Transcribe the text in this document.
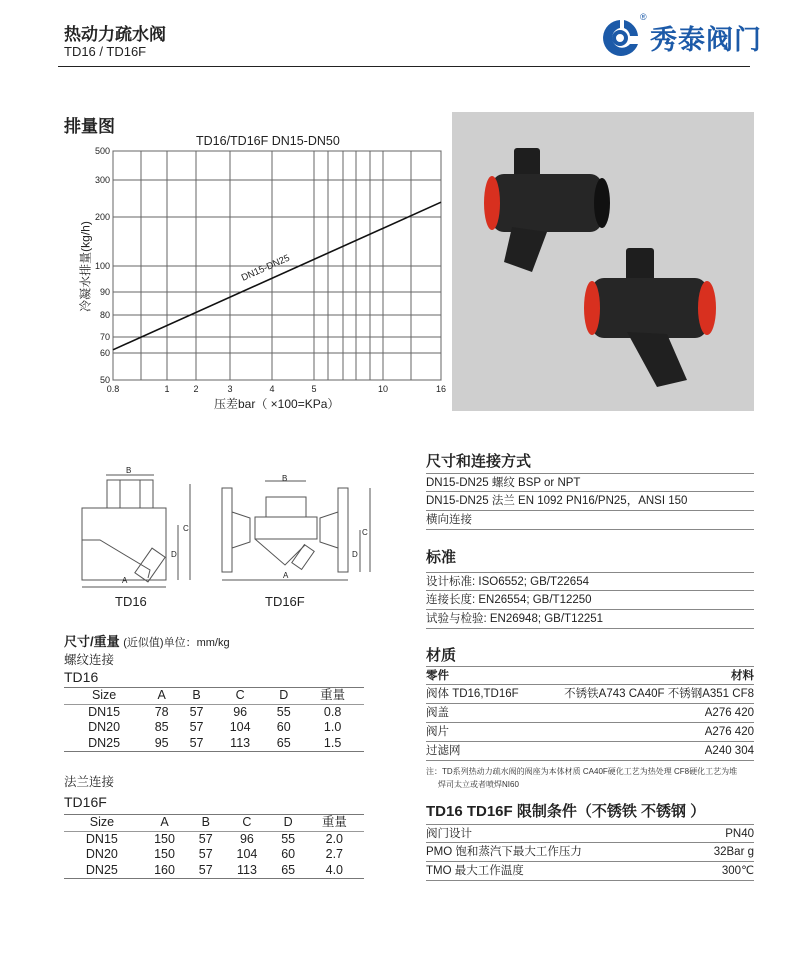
热动力疏水阀
TD16 / TD16F
®
秀泰阀门
排量图
TD16/TD16F DN15-DN50
冷凝水排量(kg/h)
压差bar（ ×100=KPa）
0.8	1	2	3	4	5	10	16
500
300
200
100
90
80
70
60
50
DN15-DN25
B
A
C
D
B
A
C
D
TD16	TD16F
尺寸/重量 (近似值)单位：mm/kg
螺纹连接
TD16
Size	A	B	C	D	重量
DN15	78	57	96	55	0.8
DN20	85	57	104	60	1.0
DN25	95	57	113	65	1.5
法兰连接
TD16F
Size	A	B	C	D	重量
DN15	150	57	96	55	2.0
DN20	150	57	104	60	2.7
DN25	160	57	113	65	4.0
尺寸和连接方式
DN15-DN25 螺纹 BSP or NPT
DN15-DN25 法兰 EN 1092 PN16/PN25，ANSI 150
横向连接
标准
设计标准: ISO6552; GB/T22654
连接长度: EN26554; GB/T12250
试验与检验: EN26948; GB/T12251
材质
零件	材料
阀体 TD16,TD16F	不锈铁A743 CA40F 不锈钢A351 CF8
阀盖	A276 420
阀片	A276 420
过滤网	A240 304
注：TD系列热动力疏水阀的阀座为本体材质 CA40F硬化工艺为热处理 CF8硬化工艺为堆
焊司太立或者喷焊NI60
TD16 TD16F 限制条件（不锈铁 不锈钢 ）
阀门设计	PN40
PMO 饱和蒸汽下最大工作压力	32Bar g
TMO 最大工作温度	300℃
